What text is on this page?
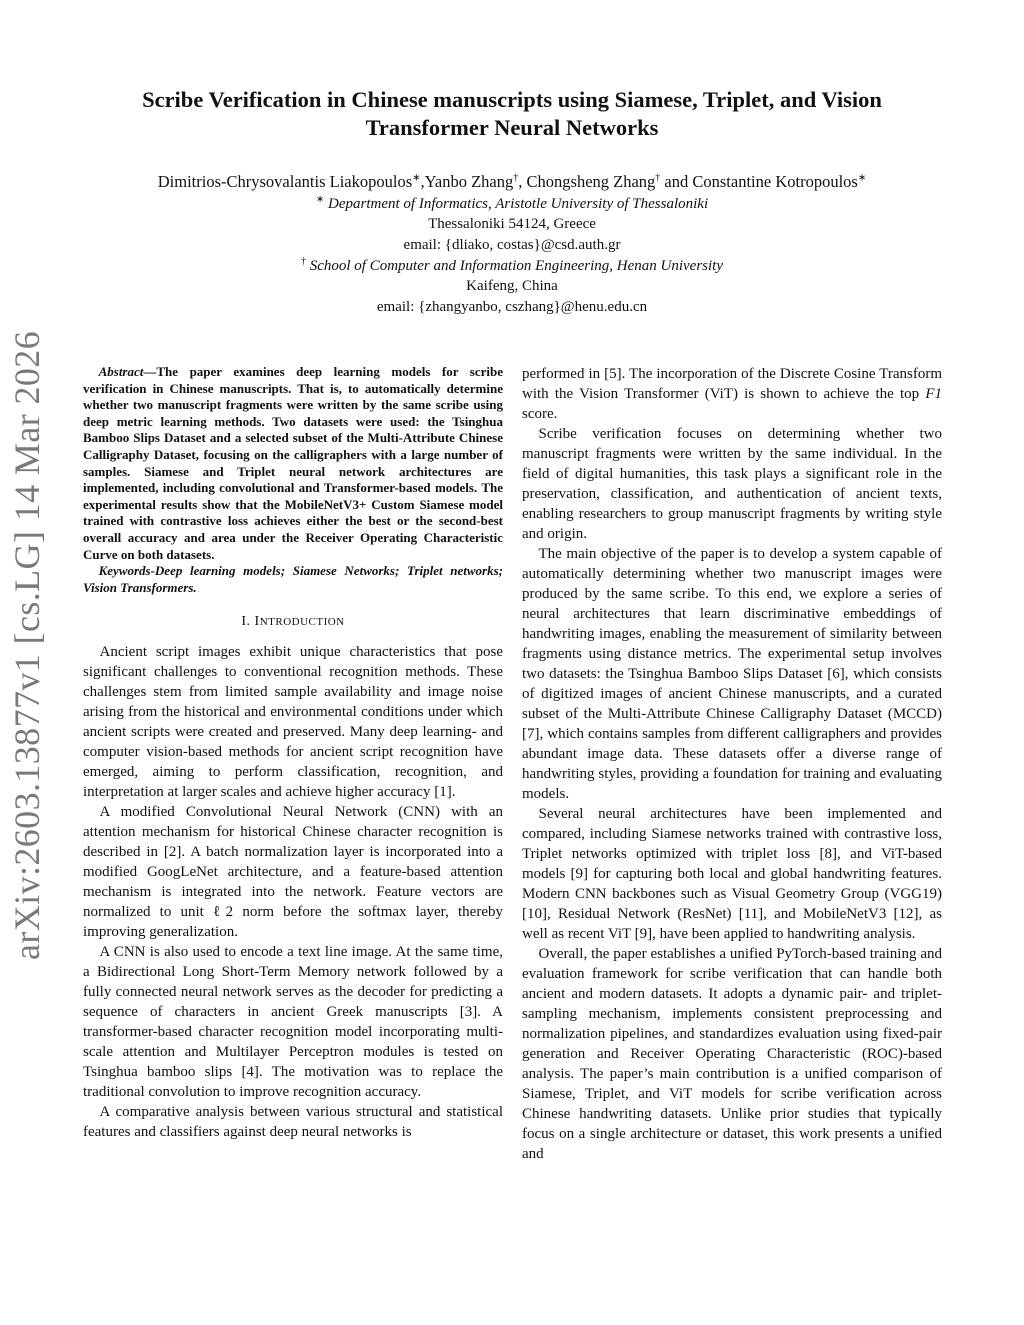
arXiv:2603.13877v1 [cs.LG] 14 Mar 2026
Scribe Verification in Chinese manuscripts using Siamese, Triplet, and Vision
Transformer Neural Networks
Dimitrios-Chrysovalantis Liakopoulos∗,Yanbo Zhang†, Chongsheng Zhang† and Constantine Kotropoulos∗
∗ Department of Informatics, Aristotle University of Thessaloniki
Thessaloniki 54124, Greece
email: {dliako, costas}@csd.auth.gr
† School of Computer and Information Engineering, Henan University
Kaifeng, China
email: {zhangyanbo, cszhang}@henu.edu.cn

Abstract—The paper examines deep learning models for scribe verification in Chinese manuscripts. That is, to automatically determine whether two manuscript fragments were written by the same scribe using deep metric learning methods. Two datasets were used: the Tsinghua Bamboo Slips Dataset and a selected subset of the Multi-Attribute Chinese Calligraphy Dataset, focusing on the calligraphers with a large number of samples. Siamese and Triplet neural network architectures are implemented, including convolutional and Transformer-based models. The experimental results show that the MobileNetV3+ Custom Siamese model trained with contrastive loss achieves either the best or the second-best overall accuracy and area under the Receiver Operating Characteristic Curve on both datasets.

Keywords-Deep learning models; Siamese Networks; Triplet networks; Vision Transformers.

I. INTRODUCTION

Ancient script images exhibit unique characteristics that pose significant challenges to conventional recognition methods. These challenges stem from limited sample availability and image noise arising from the historical and environmental conditions under which ancient scripts were created and preserved. Many deep learning- and computer vision-based methods for ancient script recognition have emerged, aiming to perform classification, recognition, and interpretation at larger scales and achieve higher accuracy [1].

A modified Convolutional Neural Network (CNN) with an attention mechanism for historical Chinese character recognition is described in [2]. A batch normalization layer is incorporated into a modified GoogLeNet architecture, and a feature-based attention mechanism is integrated into the network. Feature vectors are normalized to unit ℓ2 norm before the softmax layer, thereby improving generalization.

A CNN is also used to encode a text line image. At the same time, a Bidirectional Long Short-Term Memory network followed by a fully connected neural network serves as the decoder for predicting a sequence of characters in ancient Greek manuscripts [3]. A transformer-based character recognition model incorporating multi-scale attention and Multilayer Perceptron modules is tested on Tsinghua bamboo slips [4]. The motivation was to replace the traditional convolution to improve recognition accuracy.

A comparative analysis between various structural and statistical features and classifiers against deep neural networks is

performed in [5]. The incorporation of the Discrete Cosine Transform with the Vision Transformer (ViT) is shown to achieve the top F1 score.

Scribe verification focuses on determining whether two manuscript fragments were written by the same individual. In the field of digital humanities, this task plays a significant role in the preservation, classification, and authentication of ancient texts, enabling researchers to group manuscript fragments by writing style and origin.

The main objective of the paper is to develop a system capable of automatically determining whether two manuscript images were produced by the same scribe. To this end, we explore a series of neural architectures that learn discriminative embeddings of handwriting images, enabling the measurement of similarity between fragments using distance metrics. The experimental setup involves two datasets: the Tsinghua Bamboo Slips Dataset [6], which consists of digitized images of ancient Chinese manuscripts, and a curated subset of the Multi-Attribute Chinese Calligraphy Dataset (MCCD) [7], which contains samples from different calligraphers and provides abundant image data. These datasets offer a diverse range of handwriting styles, providing a foundation for training and evaluating models.

Several neural architectures have been implemented and compared, including Siamese networks trained with contrastive loss, Triplet networks optimized with triplet loss [8], and ViT-based models [9] for capturing both local and global handwriting features. Modern CNN backbones such as Visual Geometry Group (VGG19) [10], Residual Network (ResNet) [11], and MobileNetV3 [12], as well as recent ViT [9], have been applied to handwriting analysis.

Overall, the paper establishes a unified PyTorch-based training and evaluation framework for scribe verification that can handle both ancient and modern datasets. It adopts a dynamic pair- and triplet-sampling mechanism, implements consistent preprocessing and normalization pipelines, and standardizes evaluation using fixed-pair generation and Receiver Operating Characteristic (ROC)-based analysis. The paper’s main contribution is a unified comparison of Siamese, Triplet, and ViT models for scribe verification across Chinese handwriting datasets. Unlike prior studies that typically focus on a single architecture or dataset, this work presents a unified and
